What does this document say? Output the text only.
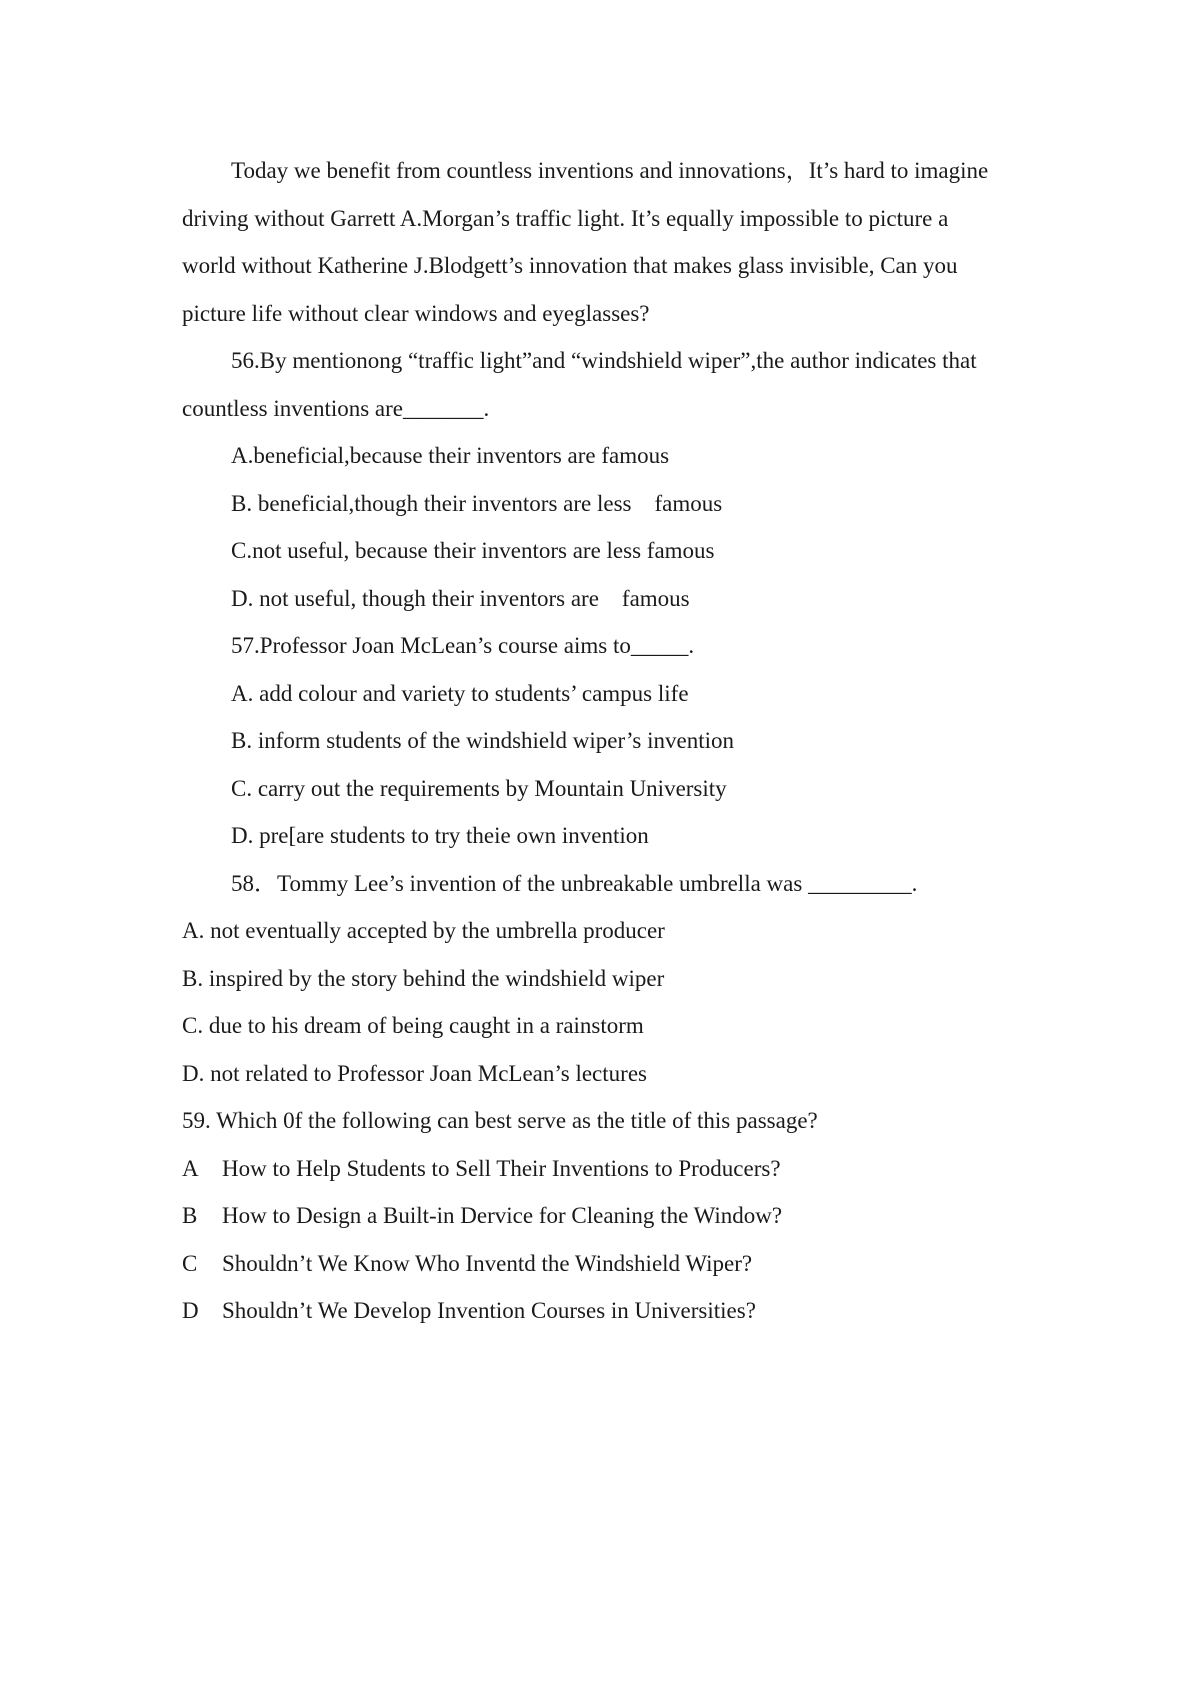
Today we benefit from countless inventions and innovations，It’s hard to imagine
driving without Garrett A.Morgan’s traffic light. It’s equally impossible to picture a
world without Katherine J.Blodgett’s innovation that makes glass invisible, Can you
picture life without clear windows and eyeglasses?
56.By mentionong “traffic light”and “windshield wiper”,the author indicates that
countless inventions are_______.
A.beneficial,because their inventors are famous
B. beneficial,though their inventors are less　famous
C.not useful, because their inventors are less famous
D. not useful, though their inventors are　famous
57.Professor Joan McLean’s course aims to_____.
A. add colour and variety to students’ campus life
B. inform students of the windshield wiper’s invention
C. carry out the requirements by Mountain University
D. pre[are students to try theie own invention
58．Tommy Lee’s invention of the unbreakable umbrella was _________.
A. not eventually accepted by the umbrella producer
B. inspired by the story behind the windshield wiper
C. due to his dream of being caught in a rainstorm
D. not related to Professor Joan McLean’s lectures
59. Which 0f the following can best serve as the title of this passage?
A How to Help Students to Sell Their Inventions to Producers?
B How to Design a Built-in Dervice for Cleaning the Window?
C Shouldn’t We Know Who Inventd the Windshield Wiper?
D Shouldn’t We Develop Invention Courses in Universities?
